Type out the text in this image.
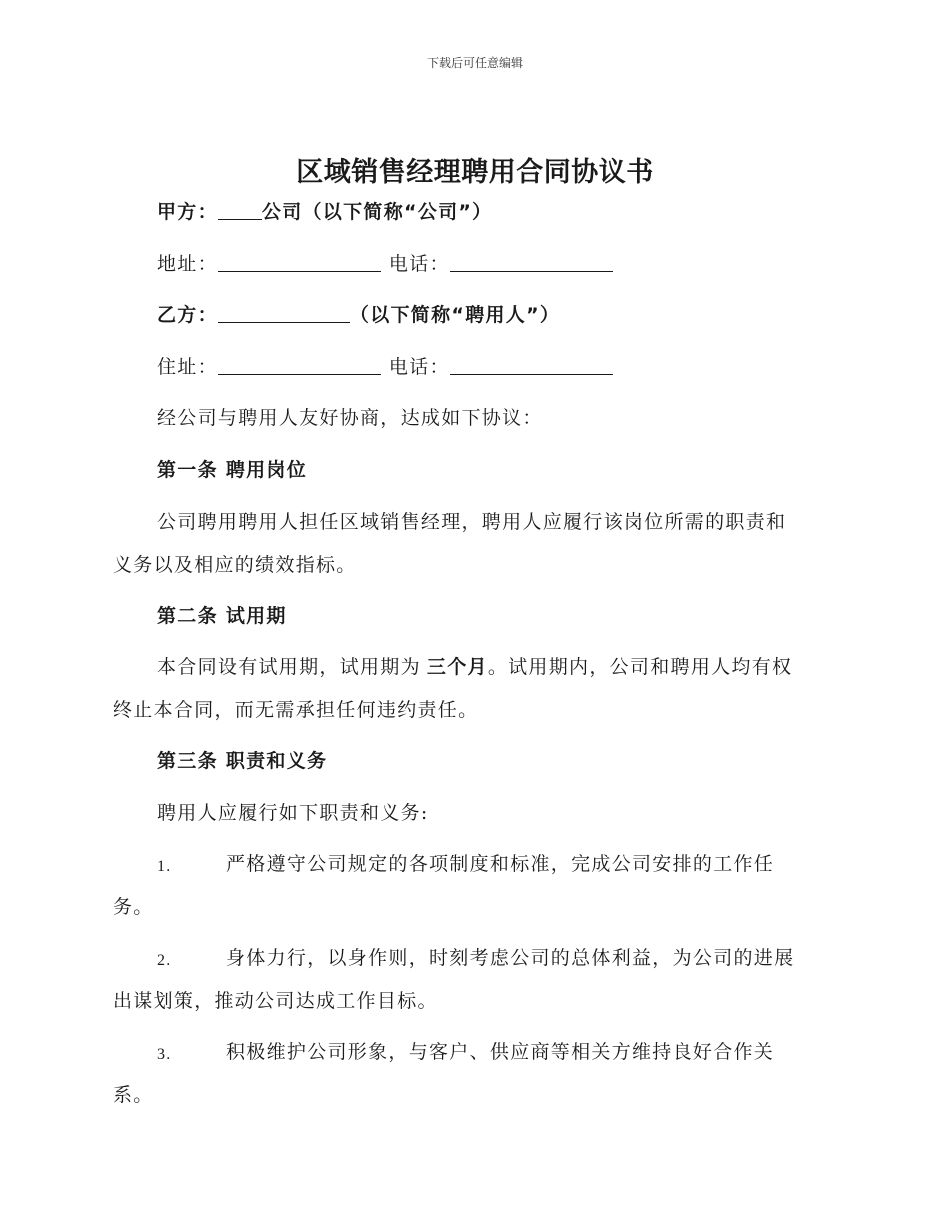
下载后可任意编辑
区域销售经理聘用合同协议书
甲方： 公司（以下简称“公司”）
地址：	电话：
乙方：	（以下简称“聘用人”）
住址：	电话：
经公司与聘用人友好协商，达成如下协议：
第一条 聘用岗位
公司聘用聘用人担任区域销售经理，聘用人应履行该岗位所需的职责和
义务以及相应的绩效指标。
第二条 试用期
本合同设有试用期，试用期为 三个月。试用期内，公司和聘用人均有权
终止本合同，而无需承担任何违约责任。
第三条 职责和义务
聘用人应履行如下职责和义务:
1.	严格遵守公司规定的各项制度和标准，完成公司安排的工作任
务。
2.	身体力行，以身作则，时刻考虑公司的总体利益，为公司的进展
出谋划策，推动公司达成工作目标。
3.	积极维护公司形象，与客户、供应商等相关方维持良好合作关
系。
